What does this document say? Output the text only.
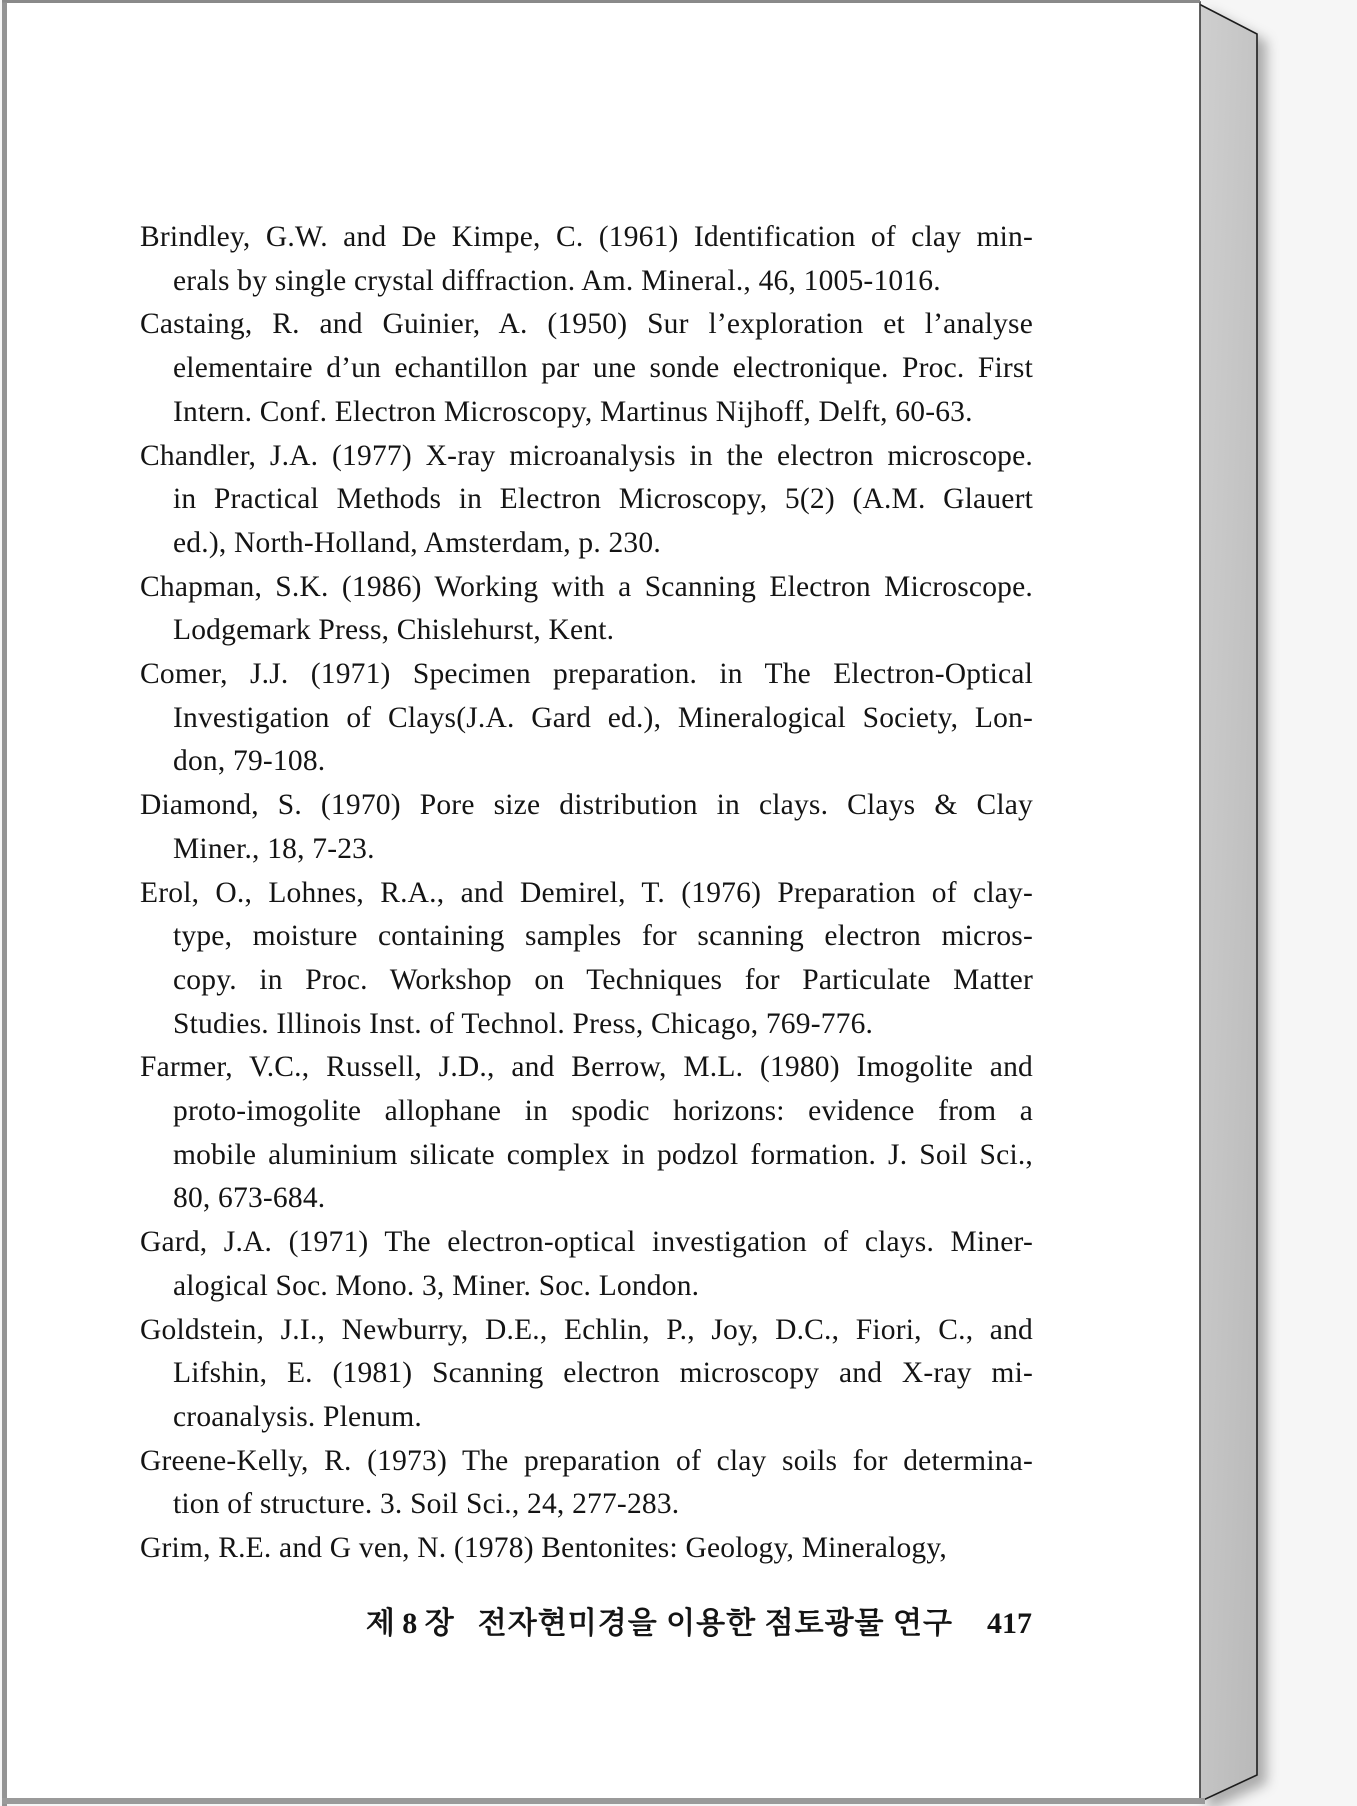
Brindley, G.W. and De Kimpe, C. (1961) Identification of clay min-
erals by single crystal diffraction. Am. Mineral., 46, 1005-1016.
Castaing, R. and Guinier, A. (1950) Sur l’exploration et l’analyse
elementaire d’un echantillon par une sonde electronique. Proc. First
Intern. Conf. Electron Microscopy, Martinus Nijhoff, Delft, 60-63.
Chandler, J.A. (1977) X-ray microanalysis in the electron microscope.
in Practical Methods in Electron Microscopy, 5(2) (A.M. Glauert
ed.), North-Holland, Amsterdam, p. 230.
Chapman, S.K. (1986) Working with a Scanning Electron Microscope.
Lodgemark Press, Chislehurst, Kent.
Comer, J.J. (1971) Specimen preparation. in The Electron-Optical
Investigation of Clays(J.A. Gard ed.), Mineralogical Society, Lon-
don, 79-108.
Diamond, S. (1970) Pore size distribution in clays. Clays & Clay
Miner., 18, 7-23.
Erol, O., Lohnes, R.A., and Demirel, T. (1976) Preparation of clay-
type, moisture containing samples for scanning electron micros-
copy. in Proc. Workshop on Techniques for Particulate Matter
Studies. Illinois Inst. of Technol. Press, Chicago, 769-776.
Farmer, V.C., Russell, J.D., and Berrow, M.L. (1980) Imogolite and
proto-imogolite allophane in spodic horizons: evidence from a
mobile aluminium silicate complex in podzol formation. J. Soil Sci.,
80, 673-684.
Gard, J.A. (1971) The electron-optical investigation of clays. Miner-
alogical Soc. Mono. 3, Miner. Soc. London.
Goldstein, J.I., Newburry, D.E., Echlin, P., Joy, D.C., Fiori, C., and
Lifshin, E. (1981) Scanning electron microscopy and X-ray mi-
croanalysis. Plenum.
Greene-Kelly, R. (1973) The preparation of clay soils for determina-
tion of structure. 3. Soil Sci., 24, 277-283.
Grim, R.E. and G ven, N. (1978) Bentonites: Geology, Mineralogy,
제 8 장 전자현미경을 이용한 점토광물 연구 417
